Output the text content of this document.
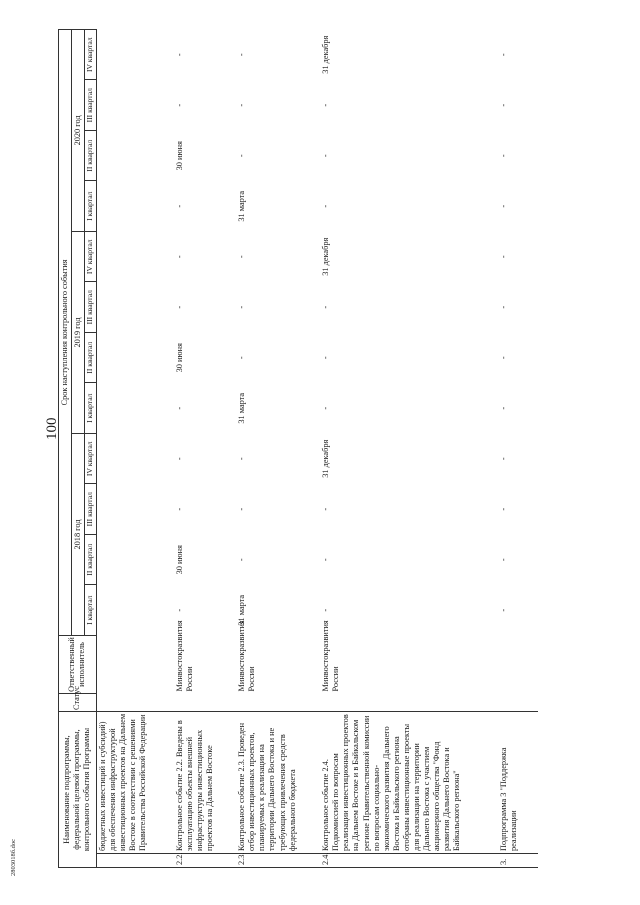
100
2803018б.doc
Наименование подпрограммы, федеральной целевой программы, контрольного события Программы		Статус	Ответственный исполнитель	Срок наступления контрольного события											
				2018 год				2019 год				2020 год			
				I квартал	II квартал	III квартал	IV квартал	I квартал	II квартал	III квартал	IV квартал	I квартал	II квартал	III квартал	IV квартал
	бюджетных инвестиций и субсидий) для обеспечения инфраструктурой инвестиционных проектов на Дальнем Востоке в соответствии с решениями Правительства Российской Федерации														
2.2.	Контрольное событие 2.2. Введены в эксплуатацию объекты внешней инфраструктуры инвестиционных проектов на Дальнем Востоке		Минвостокразвития России	-	30 июня	-	-	-	30 июня	-	-	-	30 июня	-	-
2.3.	Контрольное событие 2.3. Проведен отбор инвестиционных проектов, планируемых к реализации на территории Дальнего Востока и не требующих привлечения средств федерального бюджета		Минвостокразвития России	31 марта	-	-	-	31 марта	-	-	-	31 марта	-	-	-
2.4.	Контрольное событие 2.4. Подкомиссией по вопросам реализации инвестиционных проектов на Дальнем Востоке и в Байкальском регионе Правительственной комиссии по вопросам социально-экономического развития Дальнего Востока и Байкальского региона отобраны инвестиционные проекты для реализации на территории Дальнего Востока с участием акционерного общества "Фонд развития Дальнего Востока и Байкальского региона"		Минвостокразвития России	-	-	-	31 декабря	-	-	-	31 декабря	-	-	-	31 декабря
3.	Подпрограмма 3 "Поддержка реализации			-	-	-	-	-	-	-	-	-	-	-	-
